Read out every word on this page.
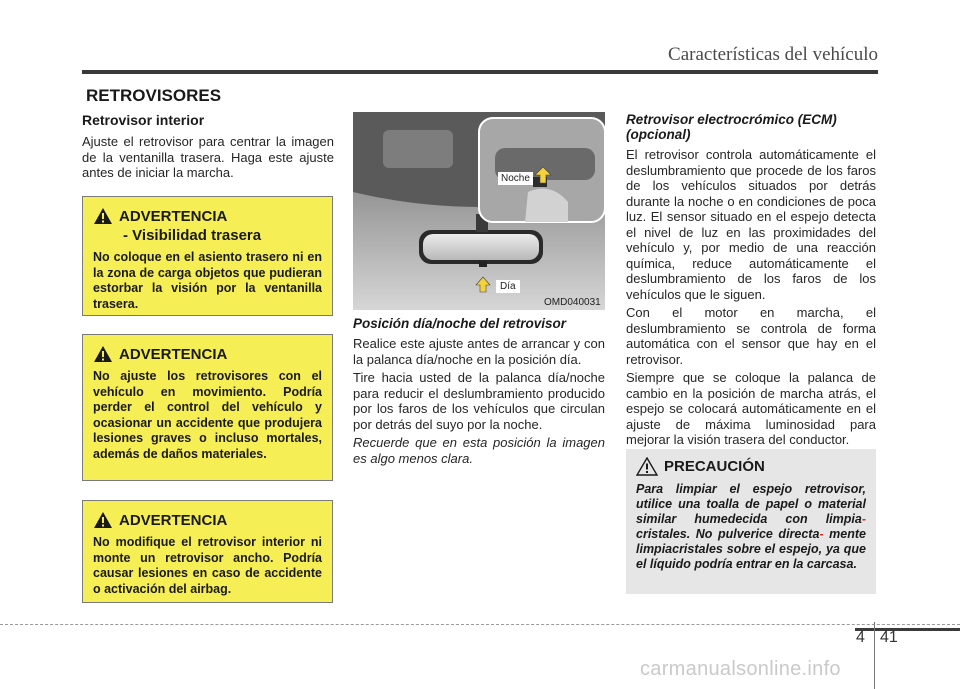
Características del vehículo
RETROVISORES
Retrovisor interior

Ajuste el retrovisor para centrar la imagen de la ventanilla trasera. Haga este ajuste antes de iniciar la marcha.

ADVERTENCIA
- Visibilidad trasera

No coloque en el asiento trasero ni en la zona de carga objetos que pudieran estorbar la visión por la ventanilla trasera.

ADVERTENCIA

No ajuste los retrovisores con el vehículo en movimiento. Podría perder el control del vehículo y ocasionar un accidente que produjera lesiones graves o incluso mortales, además de daños materiales.

ADVERTENCIA

No modifique el retrovisor interior ni monte un retrovisor ancho. Podría causar lesiones en caso de accidente o activación del airbag.

Noche
Día
OMD040031
Posición día/noche del retrovisor

Realice este ajuste antes de arrancar y con la palanca día/noche en la posición día.

Tire hacia usted de la palanca día/noche para reducir el deslumbramiento producido por los faros de los vehículos que circulan por detrás del suyo por la noche.

Recuerde que en esta posición la imagen es algo menos clara.

Retrovisor electrocrómico (ECM)
(opcional)

El retrovisor controla automáticamente el deslumbramiento que procede de los faros de los vehículos situados por detrás durante la noche o en condiciones de poca luz. El sensor situado en el espejo detecta el nivel de luz en las proximidades del vehículo y, por medio de una reacción química, reduce automáticamente el deslumbramiento de los faros de los vehículos que le siguen.

Con el motor en marcha, el deslumbramiento se controla de forma automática con el sensor que hay en el retrovisor.

Siempre que se coloque la palanca de cambio en la posición de marcha atrás, el espejo se colocará automáticamente en el ajuste de máxima luminosidad para mejorar la visión trasera del conductor.

PRECAUCIÓN

Para limpiar el espejo retrovisor, utilice una toalla de papel o material similar humedecida con limpia- cristales. No pulverice directa- mente limpiacristales sobre el espejo, ya que el líquido podría entrar en la carcasa.

4 41
carmanualsonline.info
